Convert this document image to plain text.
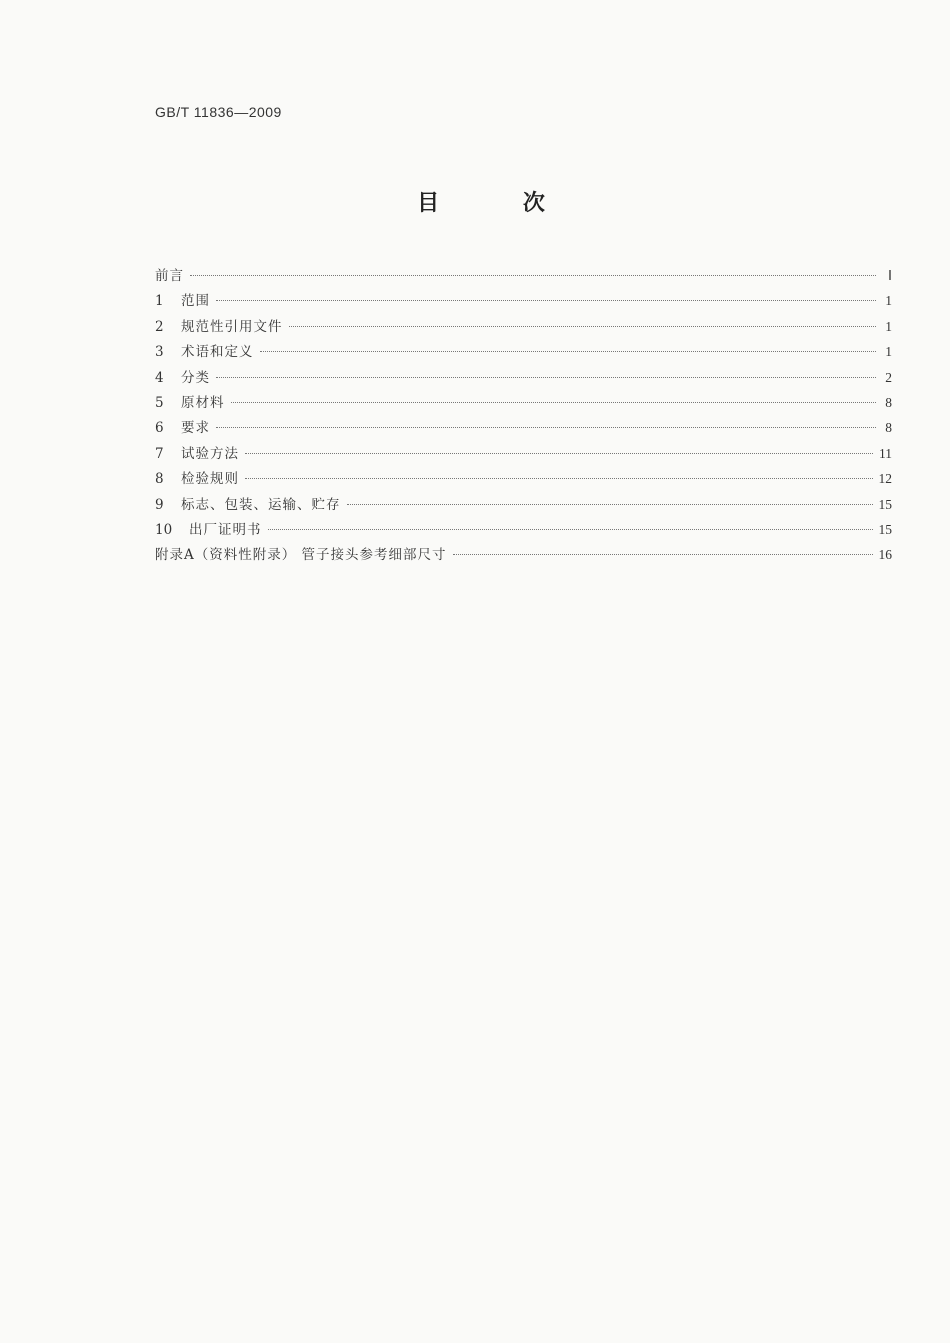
GB/T 11836—2009
目 次
前言	Ⅰ
1	范围	1
2	规范性引用文件	1
3	术语和定义	1
4	分类	2
5	原材料	8
6	要求	8
7	试验方法	11
8	检验规则	12
9	标志、包装、运输、贮存	15
10	出厂证明书	15
附录A（资料性附录） 管子接头参考细部尺寸	16
